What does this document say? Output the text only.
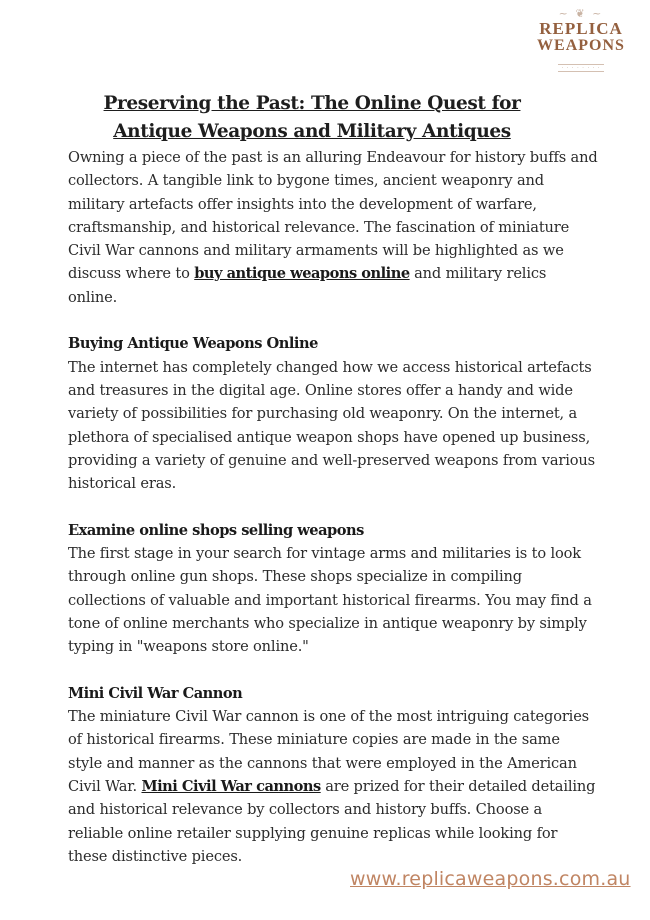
~ ❦ ~
REPLICA
WEAPONS
· · · · · · · ·
Preserving the Past: The Online Quest for Antique Weapons and Military Antiques

Owning a piece of the past is an alluring Endeavour for history buffs and collectors. A tangible link to bygone times, ancient weaponry and military artefacts offer insights into the development of warfare, craftsmanship, and historical relevance. The fascination of miniature Civil War cannons and military armaments will be highlighted as we discuss where to buy antique weapons online and military relics online.

Buying Antique Weapons Online

The internet has completely changed how we access historical artefacts and treasures in the digital age. Online stores offer a handy and wide variety of possibilities for purchasing old weaponry. On the internet, a plethora of specialised antique weapon shops have opened up business, providing a variety of genuine and well-preserved weapons from various historical eras.

Examine online shops selling weapons

The first stage in your search for vintage arms and militaries is to look through online gun shops. These shops specialize in compiling collections of valuable and important historical firearms. You may find a tone of online merchants who specialize in antique weaponry by simply typing in "weapons store online."

Mini Civil War Cannon

The miniature Civil War cannon is one of the most intriguing categories of historical firearms. These miniature copies are made in the same style and manner as the cannons that were employed in the American Civil War. Mini Civil War cannons are prized for their detailed detailing and historical relevance by collectors and history buffs. Choose a reliable online retailer supplying genuine replicas while looking for these distinctive pieces.

www.replicaweapons.com.au
